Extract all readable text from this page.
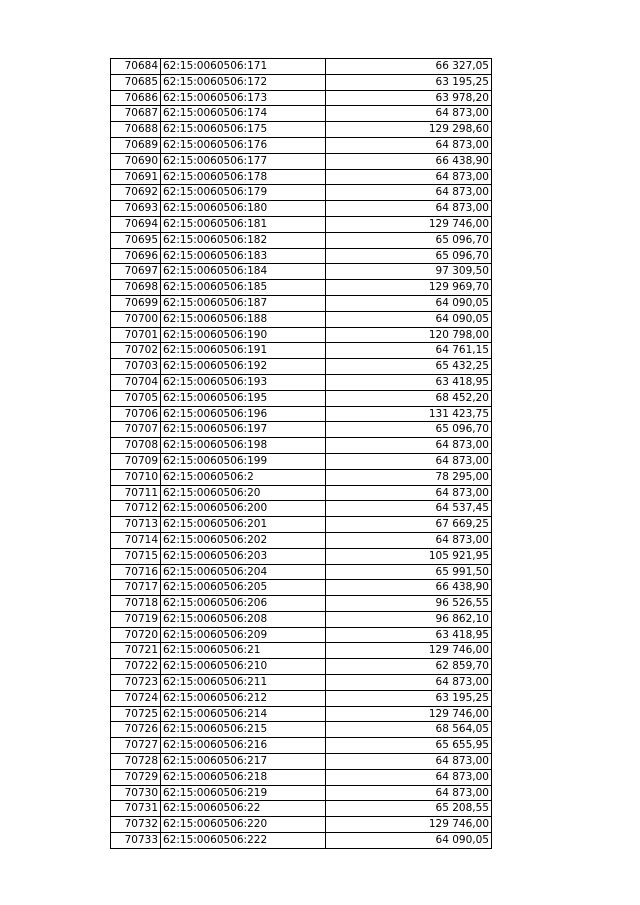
70684	62:15:0060506:171	66 327,05
70685	62:15:0060506:172	63 195,25
70686	62:15:0060506:173	63 978,20
70687	62:15:0060506:174	64 873,00
70688	62:15:0060506:175	129 298,60
70689	62:15:0060506:176	64 873,00
70690	62:15:0060506:177	66 438,90
70691	62:15:0060506:178	64 873,00
70692	62:15:0060506:179	64 873,00
70693	62:15:0060506:180	64 873,00
70694	62:15:0060506:181	129 746,00
70695	62:15:0060506:182	65 096,70
70696	62:15:0060506:183	65 096,70
70697	62:15:0060506:184	97 309,50
70698	62:15:0060506:185	129 969,70
70699	62:15:0060506:187	64 090,05
70700	62:15:0060506:188	64 090,05
70701	62:15:0060506:190	120 798,00
70702	62:15:0060506:191	64 761,15
70703	62:15:0060506:192	65 432,25
70704	62:15:0060506:193	63 418,95
70705	62:15:0060506:195	68 452,20
70706	62:15:0060506:196	131 423,75
70707	62:15:0060506:197	65 096,70
70708	62:15:0060506:198	64 873,00
70709	62:15:0060506:199	64 873,00
70710	62:15:0060506:2	78 295,00
70711	62:15:0060506:20	64 873,00
70712	62:15:0060506:200	64 537,45
70713	62:15:0060506:201	67 669,25
70714	62:15:0060506:202	64 873,00
70715	62:15:0060506:203	105 921,95
70716	62:15:0060506:204	65 991,50
70717	62:15:0060506:205	66 438,90
70718	62:15:0060506:206	96 526,55
70719	62:15:0060506:208	96 862,10
70720	62:15:0060506:209	63 418,95
70721	62:15:0060506:21	129 746,00
70722	62:15:0060506:210	62 859,70
70723	62:15:0060506:211	64 873,00
70724	62:15:0060506:212	63 195,25
70725	62:15:0060506:214	129 746,00
70726	62:15:0060506:215	68 564,05
70727	62:15:0060506:216	65 655,95
70728	62:15:0060506:217	64 873,00
70729	62:15:0060506:218	64 873,00
70730	62:15:0060506:219	64 873,00
70731	62:15:0060506:22	65 208,55
70732	62:15:0060506:220	129 746,00
70733	62:15:0060506:222	64 090,05
